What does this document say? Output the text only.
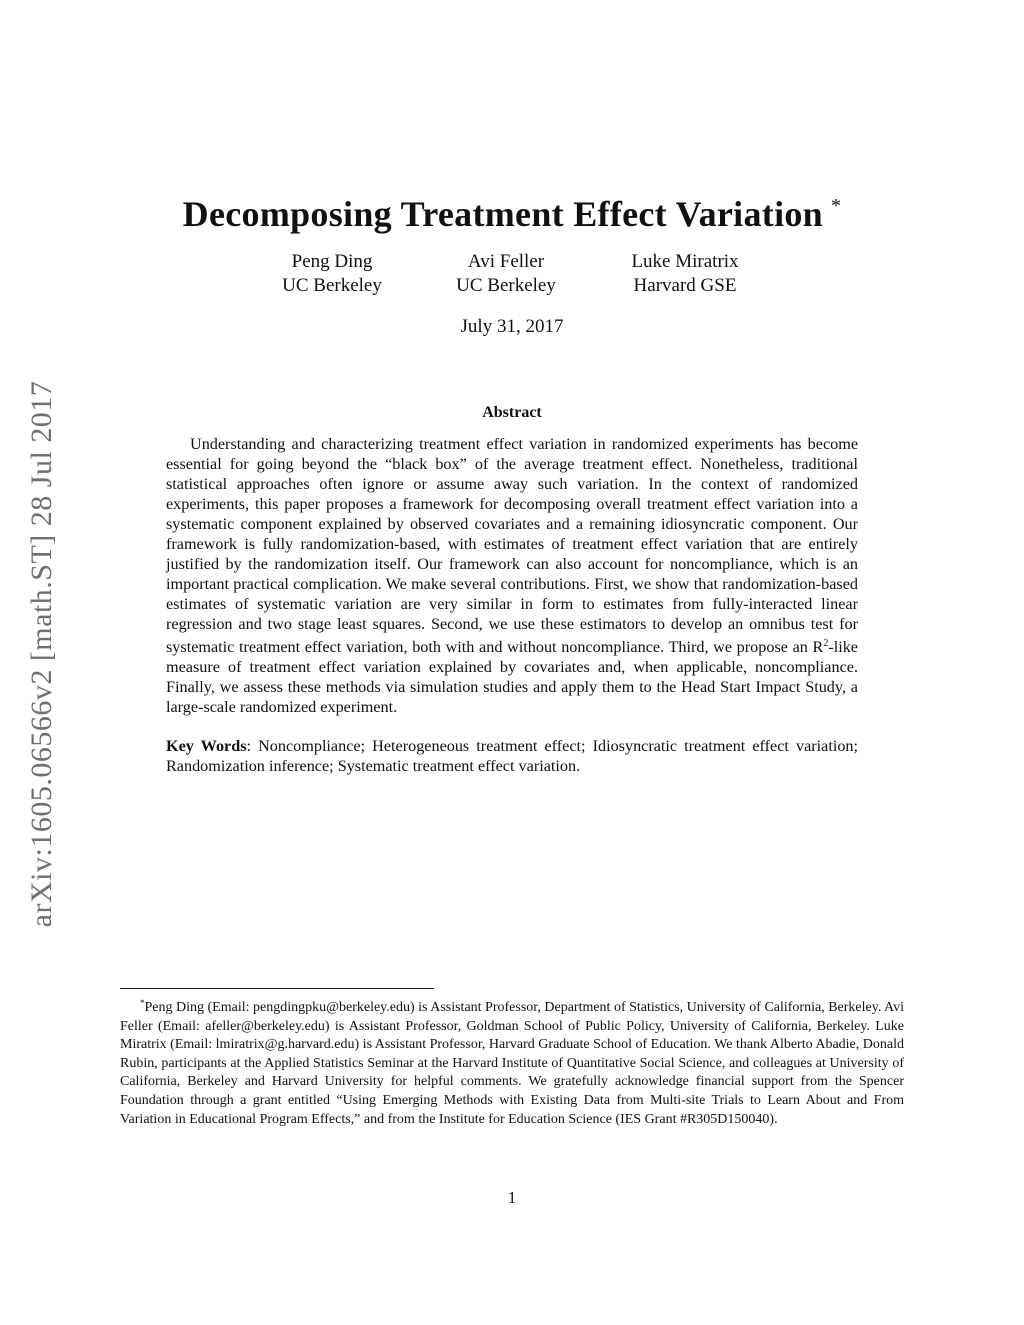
arXiv:1605.06566v2 [math.ST] 28 Jul 2017
Decomposing Treatment Effect Variation *
Peng Ding
UC Berkeley
Avi Feller
UC Berkeley
Luke Miratrix
Harvard GSE
July 31, 2017
Abstract
Understanding and characterizing treatment effect variation in randomized experiments has become essential for going beyond the “black box” of the average treatment effect. Nonetheless, traditional statistical approaches often ignore or assume away such variation. In the context of randomized experiments, this paper proposes a framework for decomposing overall treatment effect variation into a systematic component explained by observed covariates and a remaining idiosyncratic component. Our framework is fully randomization-based, with estimates of treatment effect variation that are entirely justified by the randomization itself. Our framework can also account for noncompliance, which is an important practical complication. We make several contributions. First, we show that randomization-based estimates of systematic variation are very similar in form to estimates from fully-interacted linear regression and two stage least squares. Second, we use these estimators to develop an omnibus test for systematic treatment effect variation, both with and without noncompliance. Third, we propose an $R^2$-like measure of treatment effect variation explained by covariates and, when applicable, noncompliance. Finally, we assess these methods via simulation studies and apply them to the Head Start Impact Study, a large-scale randomized experiment.
Key Words: Noncompliance; Heterogeneous treatment effect; Idiosyncratic treatment effect variation; Randomization inference; Systematic treatment effect variation.
*Peng Ding (Email: pengdingpku@berkeley.edu) is Assistant Professor, Department of Statistics, University of California, Berkeley. Avi Feller (Email: afeller@berkeley.edu) is Assistant Professor, Goldman School of Public Policy, University of California, Berkeley. Luke Miratrix (Email: lmiratrix@g.harvard.edu) is Assistant Professor, Harvard Graduate School of Education. We thank Alberto Abadie, Donald Rubin, participants at the Applied Statistics Seminar at the Harvard Institute of Quantitative Social Science, and colleagues at University of California, Berkeley and Harvard University for helpful comments. We gratefully acknowledge financial support from the Spencer Foundation through a grant entitled “Using Emerging Methods with Existing Data from Multi-site Trials to Learn About and From Variation in Educational Program Effects,” and from the Institute for Education Science (IES Grant #R305D150040).
1
